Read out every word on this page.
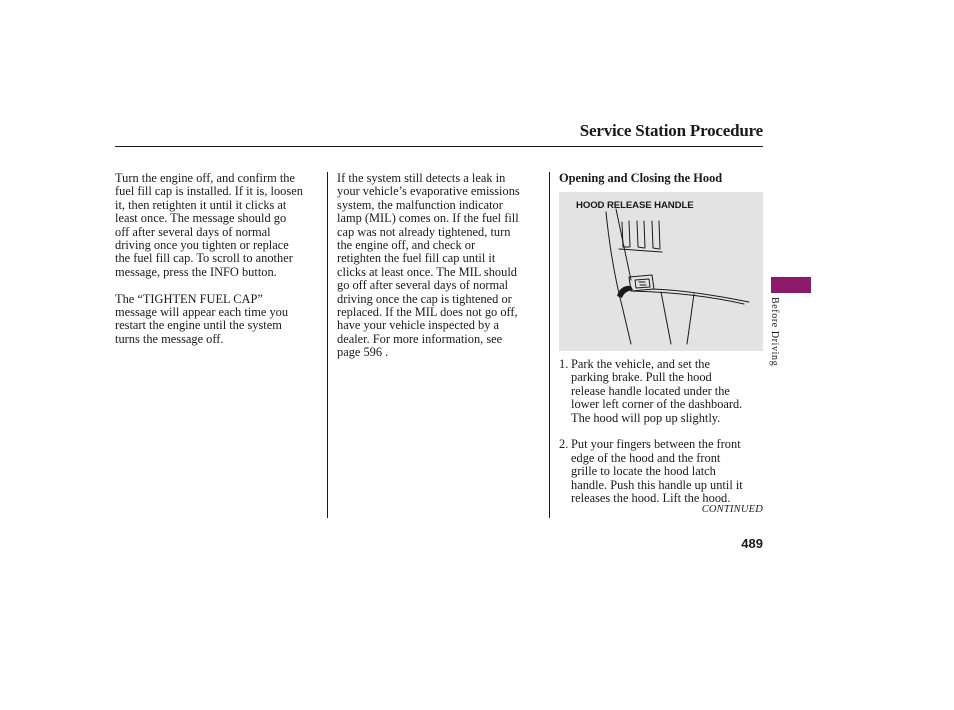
Service Station Procedure

Turn the engine off, and confirm the
fuel fill cap is installed. If it is, loosen
it, then retighten it until it clicks at
least once. The message should go
off after several days of normal
driving once you tighten or replace
the fuel fill cap. To scroll to another
message, press the INFO button.

The “TIGHTEN FUEL CAP”
message will appear each time you
restart the engine until the system
turns the message off.

If the system still detects a leak in
your vehicle’s evaporative emissions
system, the malfunction indicator
lamp (MIL) comes on. If the fuel fill
cap was not already tightened, turn
the engine off, and check or
retighten the fuel fill cap until it
clicks at least once. The MIL should
go off after several days of normal
driving once the cap is tightened or
replaced. If the MIL does not go off,
have your vehicle inspected by a
dealer. For more information, see
page 596 .

Opening and Closing the Hood

HOOD RELEASE HANDLE
1. Park the vehicle, and set the
parking brake. Pull the hood
release handle located under the
lower left corner of the dashboard.
The hood will pop up slightly.
2. Put your fingers between the front
edge of the hood and the front
grille to locate the hood latch
handle. Push this handle up until it
releases the hood. Lift the hood.
CONTINUED
489
Before Driving
